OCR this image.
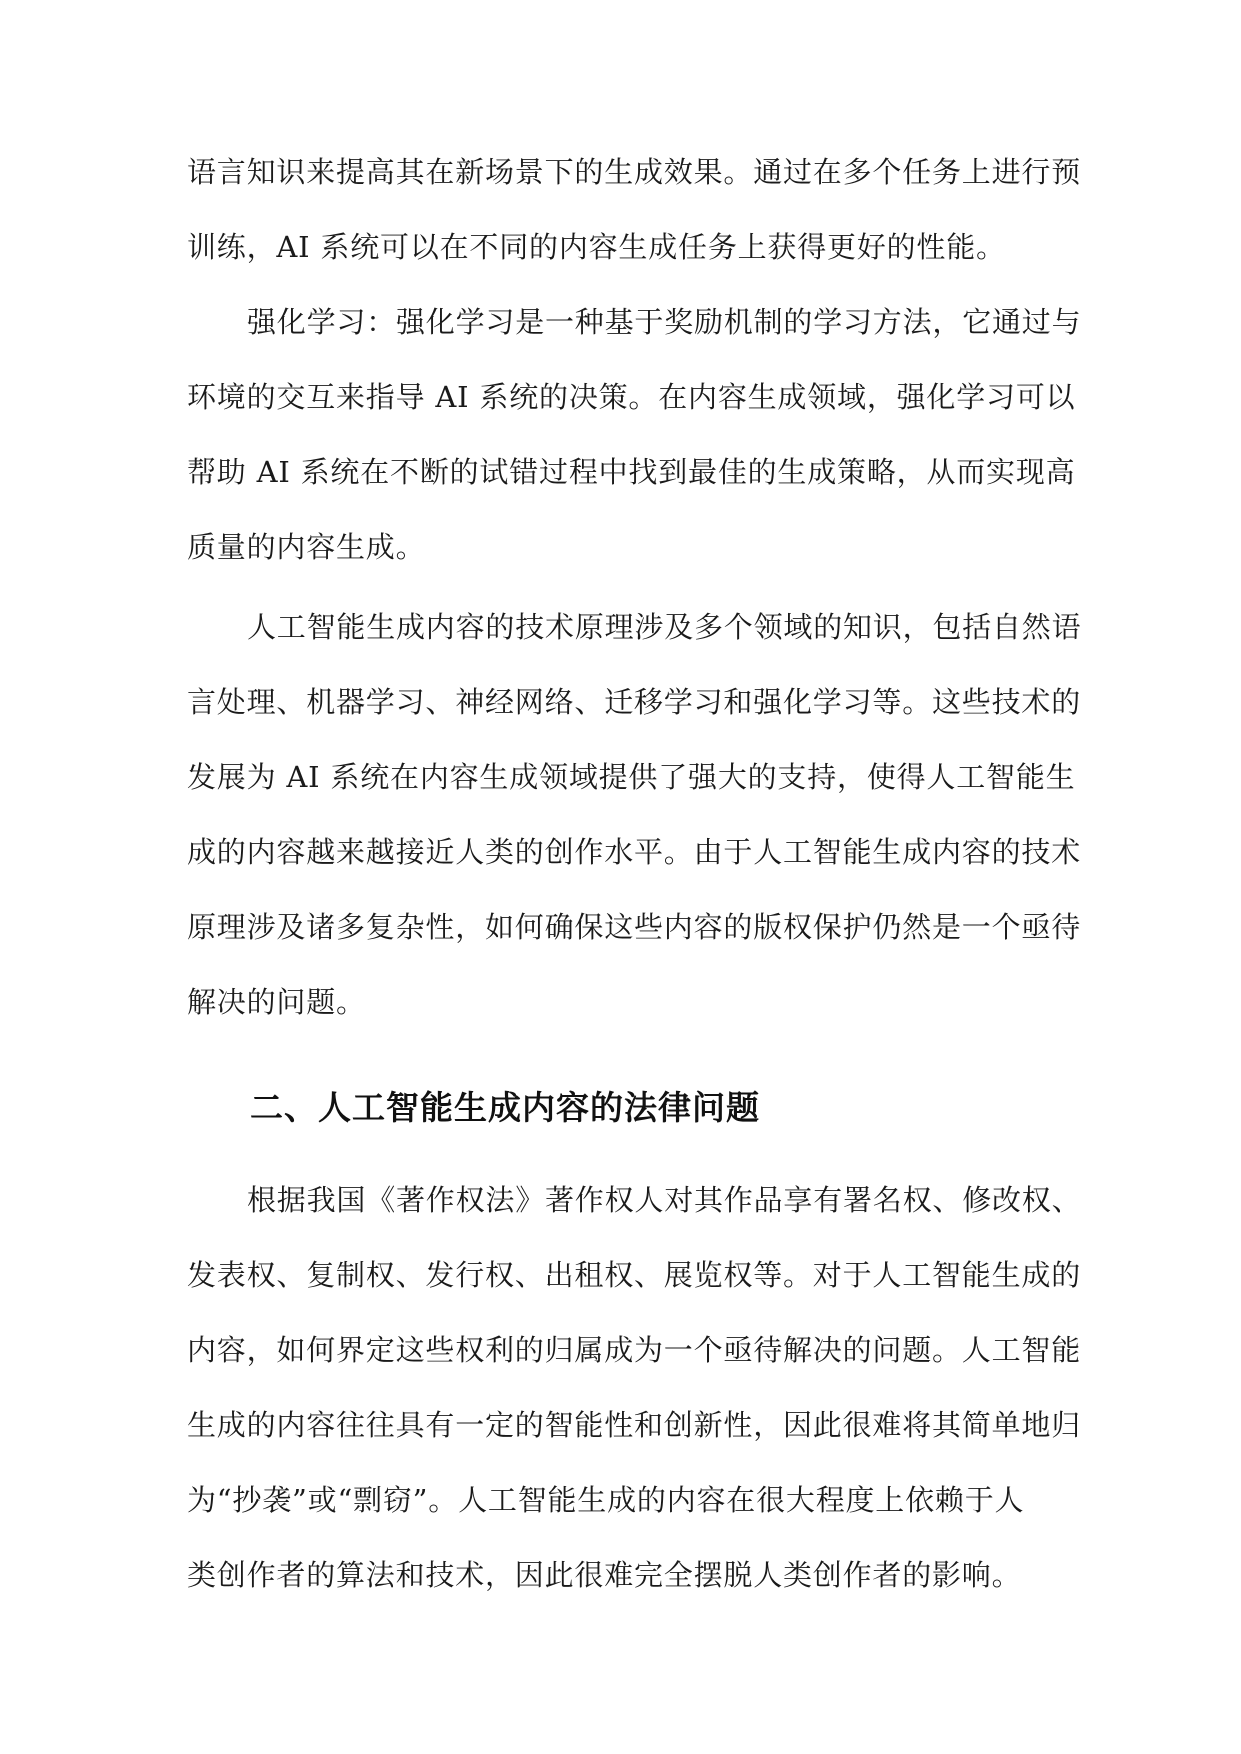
语言知识来提高其在新场景下的生成效果。通过在多个任务上进行预
训练，AI 系统可以在不同的内容生成任务上获得更好的性能。
强化学习：强化学习是一种基于奖励机制的学习方法，它通过与
环境的交互来指导 AI 系统的决策。在内容生成领域，强化学习可以
帮助 AI 系统在不断的试错过程中找到最佳的生成策略，从而实现高
质量的内容生成。
人工智能生成内容的技术原理涉及多个领域的知识，包括自然语
言处理、机器学习、神经网络、迁移学习和强化学习等。这些技术的
发展为 AI 系统在内容生成领域提供了强大的支持，使得人工智能生
成的内容越来越接近人类的创作水平。由于人工智能生成内容的技术
原理涉及诸多复杂性，如何确保这些内容的版权保护仍然是一个亟待
解决的问题。
二、人工智能生成内容的法律问题
根据我国《著作权法》著作权人对其作品享有署名权、修改权、
发表权、复制权、发行权、出租权、展览权等。对于人工智能生成的
内容，如何界定这些权利的归属成为一个亟待解决的问题。人工智能
生成的内容往往具有一定的智能性和创新性，因此很难将其简单地归
为“抄袭”或“剽窃”。人工智能生成的内容在很大程度上依赖于人
类创作者的算法和技术，因此很难完全摆脱人类创作者的影响。
